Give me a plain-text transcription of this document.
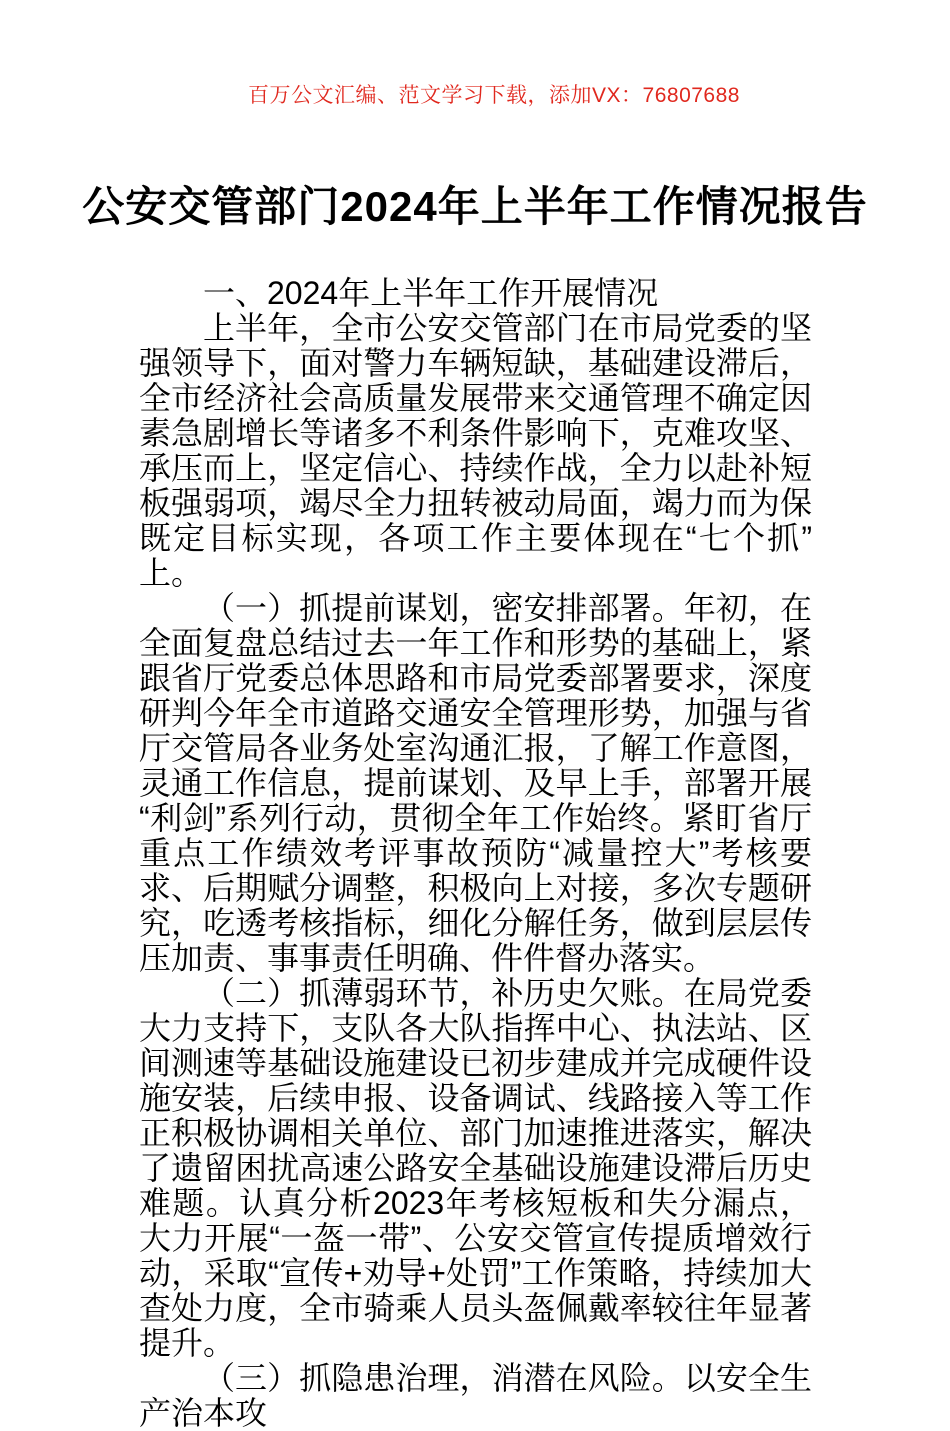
百万公文汇编、范文学习下载，添加VX：76807688
公安交管部门2024年上半年工作情况报告

一、2024年上半年工作开展情况

上半年，全市公安交管部门在市局党委的坚强领导下，面对警力车辆短缺，基础建设滞后，全市经济社会高质量发展带来交通管理不确定因素急剧增长等诸多不利条件影响下，克难攻坚、承压而上，坚定信心、持续作战，全力以赴补短板强弱项，竭尽全力扭转被动局面，竭力而为保既定目标实现，各项工作主要体现在“七个抓”上。

（一）抓提前谋划，密安排部署。年初，在全面复盘总结过去一年工作和形势的基础上，紧跟省厅党委总体思路和市局党委部署要求，深度研判今年全市道路交通安全管理形势，加强与省厅交管局各业务处室沟通汇报，了解工作意图，灵通工作信息，提前谋划、及早上手，部署开展“利剑”系列行动，贯彻全年工作始终。紧盯省厅重点工作绩效考评事故预防“减量控大”考核要求、后期赋分调整，积极向上对接，多次专题研究，吃透考核指标，细化分解任务，做到层层传压加责、事事责任明确、件件督办落实。

（二）抓薄弱环节，补历史欠账。在局党委大力支持下，支队各大队指挥中心、执法站、区间测速等基础设施建设已初步建成并完成硬件设施安装，后续申报、设备调试、线路接入等工作正积极协调相关单位、部门加速推进落实，解决了遗留困扰高速公路安全基础设施建设滞后历史难题。认真分析2023年考核短板和失分漏点，大力开展“一盔一带”、公安交管宣传提质增效行动，采取“宣传+劝导+处罚”工作策略，持续加大查处力度，全市骑乘人员头盔佩戴率较往年显著提升。

（三）抓隐患治理，消潜在风险。以安全生产治本攻
